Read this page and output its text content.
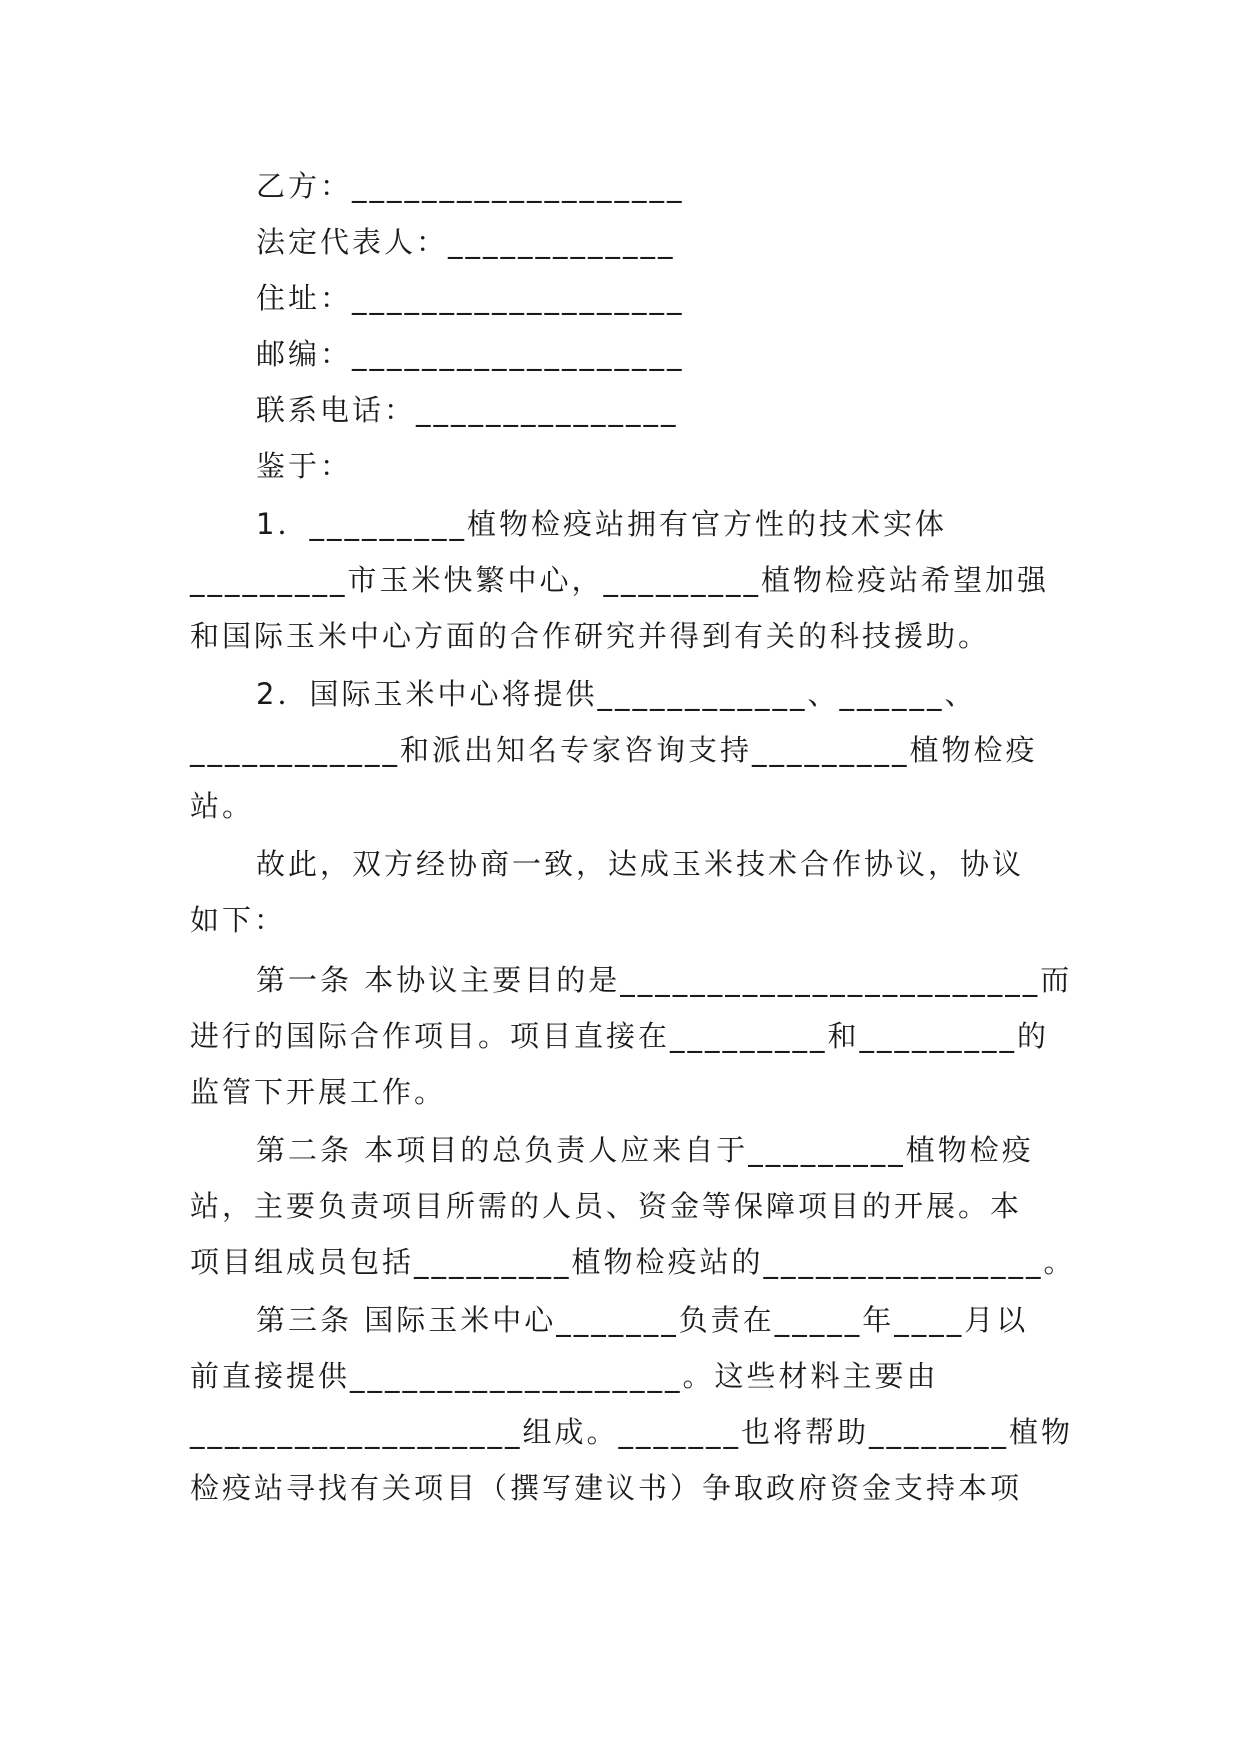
乙方：___________________
法定代表人：_____________
住址：___________________
邮编：___________________
联系电话：_______________
鉴于：
1．_________植物检疫站拥有官方性的技术实体
_________市玉米快繁中心，_________植物检疫站希望加强
和国际玉米中心方面的合作研究并得到有关的科技援助。
2．国际玉米中心将提供____________、______、
____________和派出知名专家咨询支持_________植物检疫
站。
故此，双方经协商一致，达成玉米技术合作协议，协议
如下：
第一条 本协议主要目的是________________________而
进行的国际合作项目。项目直接在_________和_________的
监管下开展工作。
第二条 本项目的总负责人应来自于_________植物检疫
站，主要负责项目所需的人员、资金等保障项目的开展。本
项目组成员包括_________植物检疫站的________________。
第三条 国际玉米中心_______负责在_____年____月以
前直接提供___________________。这些材料主要由
___________________组成。_______也将帮助________植物
检疫站寻找有关项目（撰写建议书）争取政府资金支持本项
